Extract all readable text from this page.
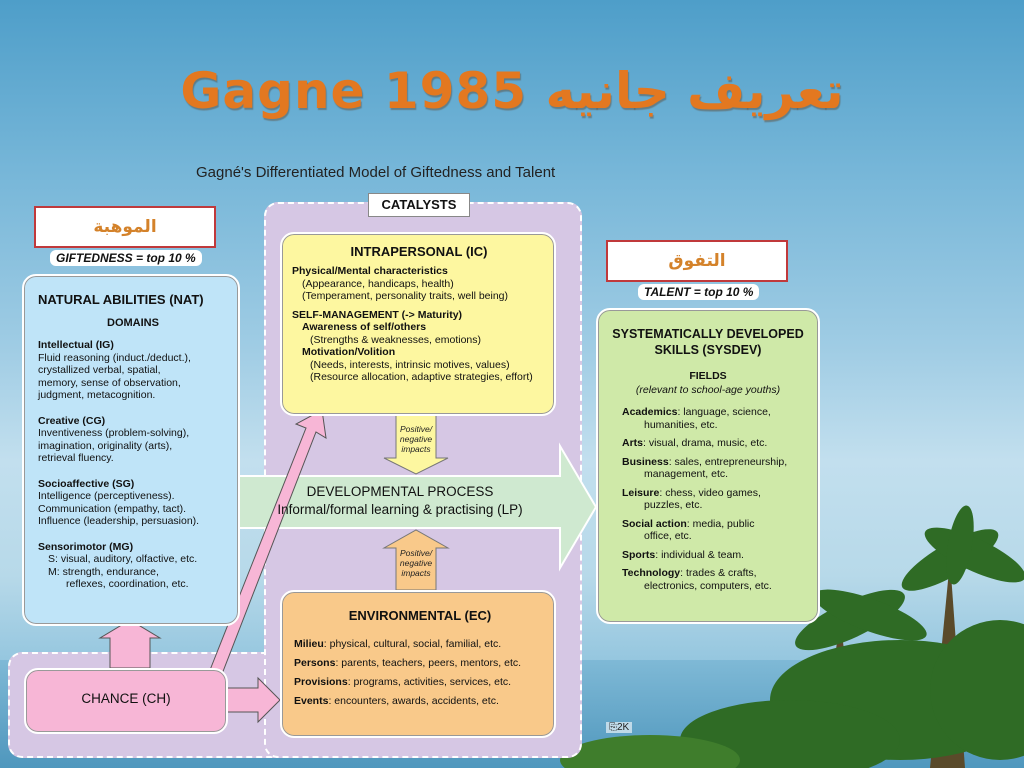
Gagne 1985 تعريف جانيه
Gagné's Differentiated Model of Giftedness and Talent
الموهبة
GIFTEDNESS = top 10 %	التفوق
TALENT = top 10 %
CATALYSTS
NATURAL ABILITIES (NAT)
DOMAINS
Intellectual (IG)
Fluid reasoning (induct./deduct.),
crystallized verbal, spatial,
memory, sense of observation,
judgment, metacognition.
Creative (CG)
Inventiveness (problem-solving),
imagination, originality (arts),
retrieval fluency.
Socioaffective (SG)
Intelligence (perceptiveness).
Communication (empathy, tact).
Influence (leadership, persuasion).
Sensorimotor (MG)
S: visual, auditory, olfactive, etc.
M: strength, endurance,
reflexes, coordination, etc.
INTRAPERSONAL (IC)
Physical/Mental characteristics
(Appearance, handicaps, health)
(Temperament, personality traits, well being)
SELF-MANAGEMENT (-> Maturity)
Awareness of self/others
(Strengths & weaknesses, emotions)
Motivation/Volition
(Needs, interests, intrinsic motives, values)
(Resource allocation, adaptive strategies, effort)
Positive/
negative
impacts
Positive/
negative
impacts
DEVELOPMENTAL PROCESS
Informal/formal learning & practising (LP)
ENVIRONMENTAL (EC)
Milieu: physical, cultural, social, familial, etc.
Persons: parents, teachers, peers, mentors, etc.
Provisions: programs, activities, services, etc.
Events: encounters, awards, accidents, etc.
CHANCE (CH)
SYSTEMATICALLY DEVELOPED
SKILLS (SYSDEV)
FIELDS
(relevant to school-age youths)
Academics: language, science,
humanities, etc.
Arts: visual, drama, music, etc.
Business: sales, entrepreneurship,
management, etc.
Leisure: chess, video games,
puzzles, etc.
Social action: media, public
office, etc.
Sports: individual & team.
Technology: trades & crafts,
electronics, computers, etc.
⎘2K
